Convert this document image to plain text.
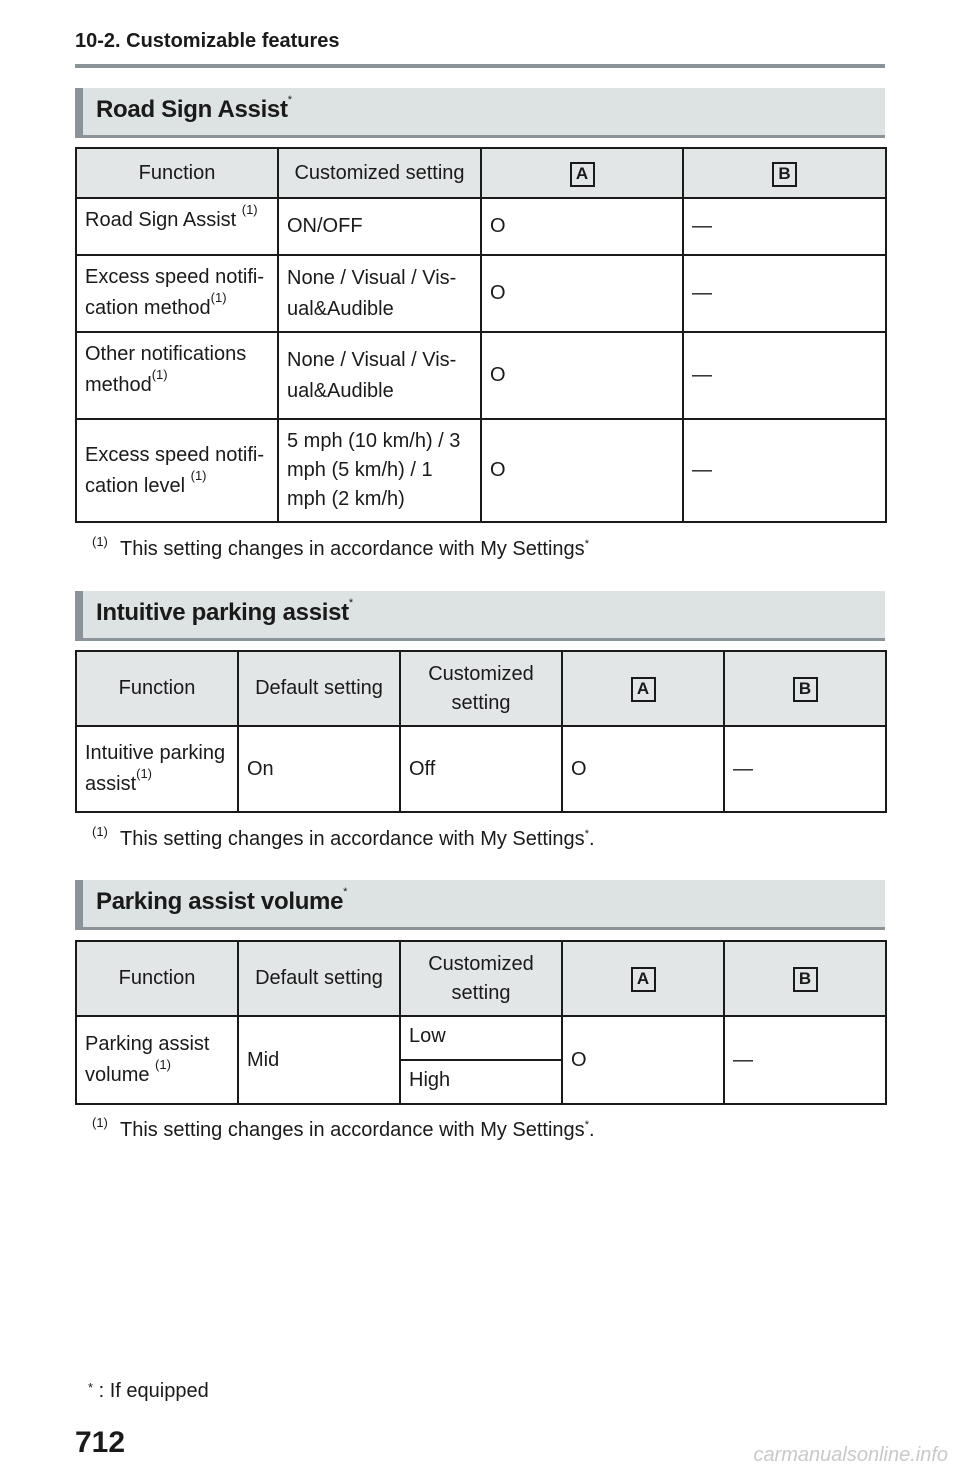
10-2. Customizable features
Road Sign Assist*
Function	Customized setting	A	B
Road Sign Assist $^{(1)}$	ON/OFF	O	—
Excess speed notifi- cation method$^{(1)}$	None / Visual / Vis- ual&Audible	O	—
Other notifications method$^{(1)}$	None / Visual / Vis- ual&Audible	O	—
Excess speed notifi- cation level $^{(1)}$	5 mph (10 km/h) / 3 mph (5 km/h) / 1 mph (2 km/h)	O	—
(1) This setting changes in accordance with My Settings*
Intuitive parking assist*
Function	Default setting	Customized setting	A	B
Intuitive parking assist$^{(1)}$	On	Off	O	—
(1) This setting changes in accordance with My Settings*.
Parking assist volume*
Function	Default setting	Customized setting	A	B
Parking assist volume $^{(1)}$	Mid	Low	O	—
		High		
(1) This setting changes in accordance with My Settings*.
* : If equipped
712	carmanualsonline.info
